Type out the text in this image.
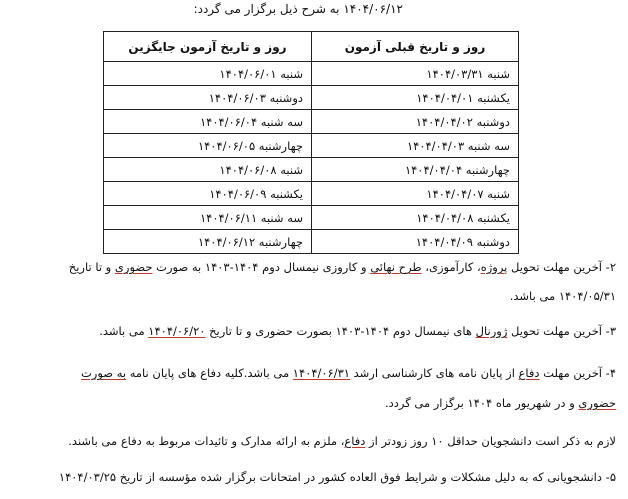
۱۴۰۴/۰۶/۱۲ به شرح ذیل برگزار می گردد:
روز و تاریخ قبلی آزمون	روز و تاریخ آزمون جایگزین
شنبه ۱۴۰۴/۰۳/۳۱	شنبه ۱۴۰۴/۰۶/۰۱
یکشنبه ۱۴۰۴/۰۴/۰۱	دوشنبه ۱۴۰۴/۰۶/۰۳
دوشنبه ۱۴۰۴/۰۴/۰۲	سه شنبه ۱۴۰۴/۰۶/۰۴
سه شنبه ۱۴۰۴/۰۴/۰۳	چهارشنبه ۱۴۰۴/۰۶/۰۵
چهارشنبه ۱۴۰۴/۰۴/۰۴	شنبه ۱۴۰۴/۰۶/۰۸
شنبه ۱۴۰۴/۰۴/۰۷	یکشنبه ۱۴۰۴/۰۶/۰۹
یکشنبه ۱۴۰۴/۰۴/۰۸	سه شنبه ۱۴۰۴/۰۶/۱۱
دوشنبه ۱۴۰۴/۰۴/۰۹	چهارشنبه ۱۴۰۴/۰۶/۱۲
۲- آخرین مهلت تحویل پروژه، کارآموزی، طرح نهائی و کاروزی نیمسال دوم ۱۴۰۴-۱۴۰۳ به صورت حضوری و تا تاریخ
۱۴۰۴/۰۵/۳۱ می باشد.
۳- آخرین مهلت تحویل ژورنال های نیمسال دوم ۱۴۰۴-۱۴۰۳ بصورت حضوری و تا تاریخ ۱۴۰۴/۰۶/۲۰ می باشد.
۴- آخرین مهلت دفاع از پایان نامه های کارشناسی ارشد ۱۴۰۴/۰۶/۳۱ می باشد.کلیه دفاع های پایان نامه به صورت
حضوری و در شهریور ماه ۱۴۰۴ برگزار می گردد.
لازم به ذکر است دانشجویان حداقل ۱۰ روز زودتر از دفاع، ملزم به ارائه مدارک و تائیدات مربوط به دفاع می باشند.
۵- دانشجویانی که به دلیل مشکلات و شرایط فوق العاده کشور در امتحانات برگزار شده مؤسسه از تاریخ ۱۴۰۴/۰۳/۲۵
